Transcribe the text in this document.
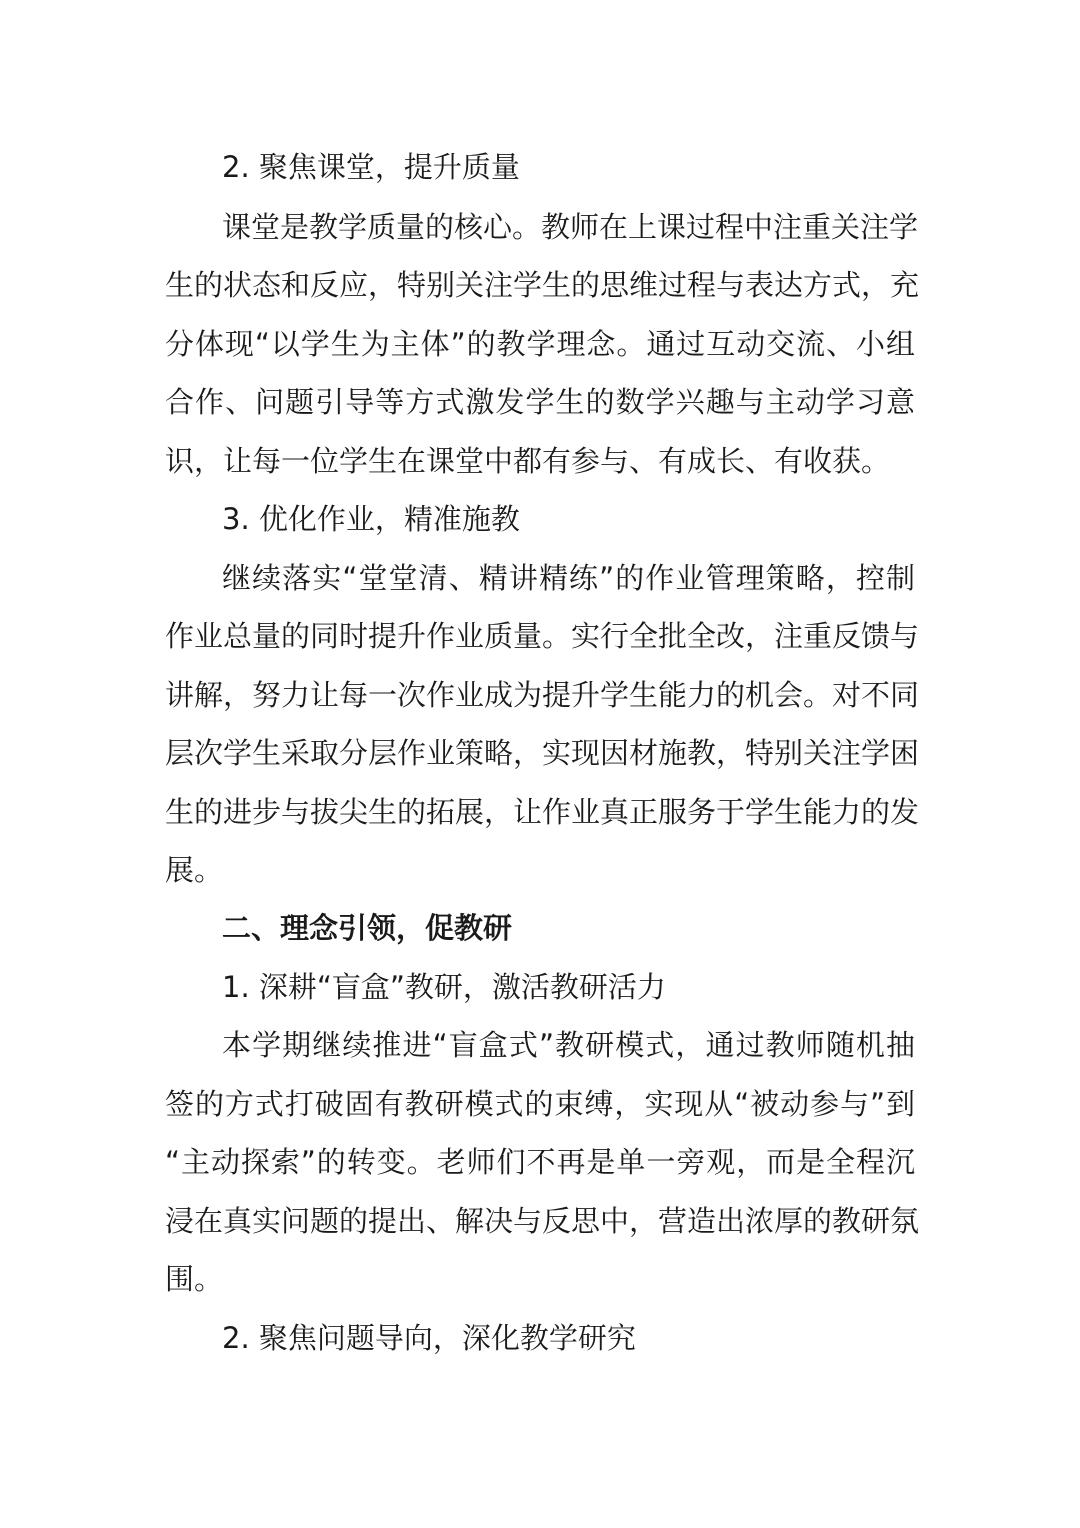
2. 聚焦课堂，提升质量
课堂是教学质量的核心。教师在上课过程中注重关注学
生的状态和反应，特别关注学生的思维过程与表达方式，充
分体现“以学生为主体”的教学理念。通过互动交流、小组
合作、问题引导等方式激发学生的数学兴趣与主动学习意
识，让每一位学生在课堂中都有参与、有成长、有收获。
3. 优化作业，精准施教
继续落实“堂堂清、精讲精练”的作业管理策略，控制
作业总量的同时提升作业质量。实行全批全改，注重反馈与
讲解，努力让每一次作业成为提升学生能力的机会。对不同
层次学生采取分层作业策略，实现因材施教，特别关注学困
生的进步与拔尖生的拓展，让作业真正服务于学生能力的发
展。
二、理念引领，促教研
1. 深耕“盲盒”教研，激活教研活力
本学期继续推进“盲盒式”教研模式，通过教师随机抽
签的方式打破固有教研模式的束缚，实现从“被动参与”到
“主动探索”的转变。老师们不再是单一旁观，而是全程沉
浸在真实问题的提出、解决与反思中，营造出浓厚的教研氛
围。
2. 聚焦问题导向，深化教学研究
